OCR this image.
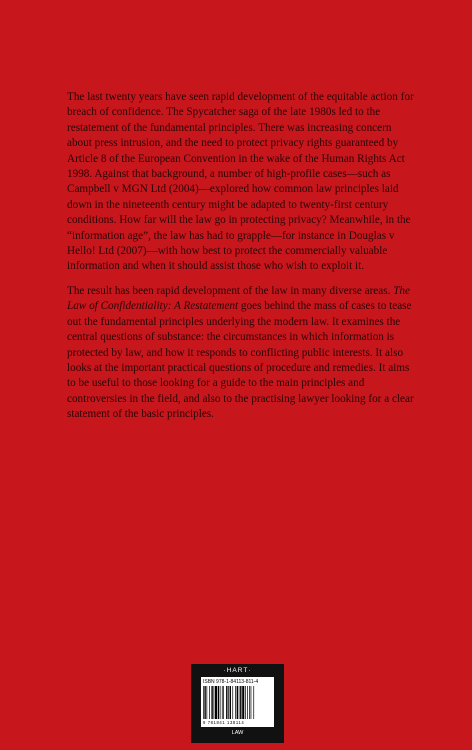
The last twenty years have seen rapid development of the equitable action for breach of confidence. The Spycatcher saga of the late 1980s led to the restatement of the fundamental principles. There was increasing concern about press intrusion, and the need to protect privacy rights guaranteed by Article 8 of the European Convention in the wake of the Human Rights Act 1998. Against that background, a number of high-profile cases—such as Campbell v MGN Ltd (2004)—explored how common law principles laid down in the nineteenth century might be adapted to twenty-first century conditions. How far will the law go in protecting privacy? Meanwhile, in the “information age”, the law has had to grapple—for instance in Douglas v Hello! Ltd (2007)—with how best to protect the commercially valuable information and when it should assist those who wish to exploit it.

The result has been rapid development of the law in many diverse areas. The Law of Confidentiality: A Restatement goes behind the mass of cases to tease out the fundamental principles underlying the modern law. It examines the central questions of substance: the circumstances in which information is protected by law, and how it responds to conflicting public interests. It also looks at the important practical questions of procedure and remedies. It aims to be useful to those looking for a guide to the main principles and controversies in the field, and also to the practising lawyer looking for a clear statement of the basic principles.

·HART·
ISBN 978-1-84113-811-4
9 781841 138114
LAW
